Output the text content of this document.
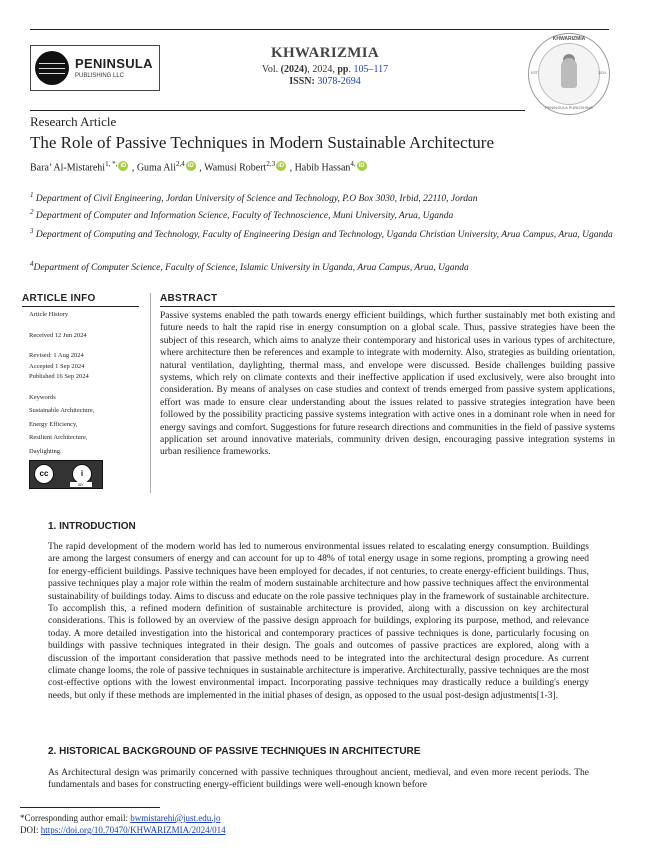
PENINSULA
PUBLISHING LLC
KHWARIZMIA
Vol. (2024), 2024, pp. 105–117
ISSN: 3078-2694
KHWARIZMIA
EST.	2024
PENINSULA PUBLISHING
Research Article
The Role of Passive Techniques in Modern Sustainable Architecture
Bara’ Al-Mistarehi$^{1, *,}$ iD , Guma Ali$^{2,4}$ iD , Wamusi Robert$^{2,3}$ iD , Habib Hassan$^{4,}$ iD
$^1$ Department of Civil Engineering, Jordan University of Science and Technology, P.O Box 3030, Irbid, 22110, Jordan
$^2$ Department of Computer and Information Science, Faculty of Technoscience, Muni University, Arua, Uganda
$^3$ Department of Computing and Technology, Faculty of Engineering Design and Technology, Uganda Christian University, Arua Campus, Arua, Uganda
$^4$Department of Computer Science, Faculty of Science, Islamic University in Uganda, Arua Campus, Arua, Uganda
ARTICLE INFO
Article History
Received 12 Jun 2024
Revised: 1 Aug 2024
Accepted 1 Sep 2024
Published 16 Sep 2024
Keywords
Sustainable Architecture,
Energy Efficiency,
Resilient Architecture,
Daylighting.
cc	i
BY
ABSTRACT
Passive systems enabled the path towards energy efficient buildings, which further sustainably met both existing and future needs to halt the rapid rise in energy consumption on a global scale. Thus, passive strategies have been the subject of this research, which aims to analyze their contemporary and historical uses in various types of architecture, where architecture then be references and example to integrate with modernity. Also, strategies as building orientation, natural ventilation, daylighting, thermal mass, and envelope were discussed. Beside challenges building passive systems, which rely on climate contexts and their ineffective application if used exclusively, were also brought into consideration. By means of analyses on case studies and context of trends emerged from passive system applications, effort was made to ensure clear understanding about the issues related to passive strategies integration have been followed by the possibility practicing passive systems integration with active ones in a dominant role when in need for energy savings and comfort. Suggestions for future research directions and communities in the field of passive systems application set around innovative materials, community driven design, encouraging passive integration systems in urban resilience frameworks.
1. INTRODUCTION
The rapid development of the modern world has led to numerous environmental issues related to escalating energy consumption. Buildings are among the largest consumers of energy and can account for up to 48% of total energy usage in some regions, prompting a growing need for energy-efficient buildings. Passive techniques have been employed for decades, if not centuries, to create energy-efficient buildings. Thus, passive techniques play a major role within the realm of modern sustainable architecture and how passive techniques affect the environmental sustainability of buildings today. Aims to discuss and educate on the role passive techniques play in the framework of sustainable architecture. To accomplish this, a refined modern definition of sustainable architecture is provided, along with a discussion on key architectural considerations. This is followed by an overview of the passive design approach for buildings, exploring its purpose, method, and relevance today. A more detailed investigation into the historical and contemporary practices of passive techniques is done, particularly focusing on buildings with passive techniques integrated in their design. The goals and outcomes of passive practices are explored, along with a discussion of the important consideration that passive methods need to be integrated into the architectural design procedure. As current climate change looms, the role of passive techniques in sustainable architecture is imperative. Architecturally, passive techniques are the most cost-effective options with the lowest environmental impact. Incorporating passive techniques may drastically reduce a building's energy needs, but only if these methods are implemented in the initial phases of design, as opposed to the usual post-design adjustments[1-3].
2. HISTORICAL BACKGROUND OF PASSIVE TECHNIQUES IN ARCHITECTURE
As Architectural design was primarily concerned with passive techniques throughout ancient, medieval, and even more recent periods. The fundamentals and bases for constructing energy-efficient buildings were well-enough known before
*Corresponding author email: bwmistarehi@just.edu.jo
DOI: https://doi.org/10.70470/KHWARIZMIA/2024/014
